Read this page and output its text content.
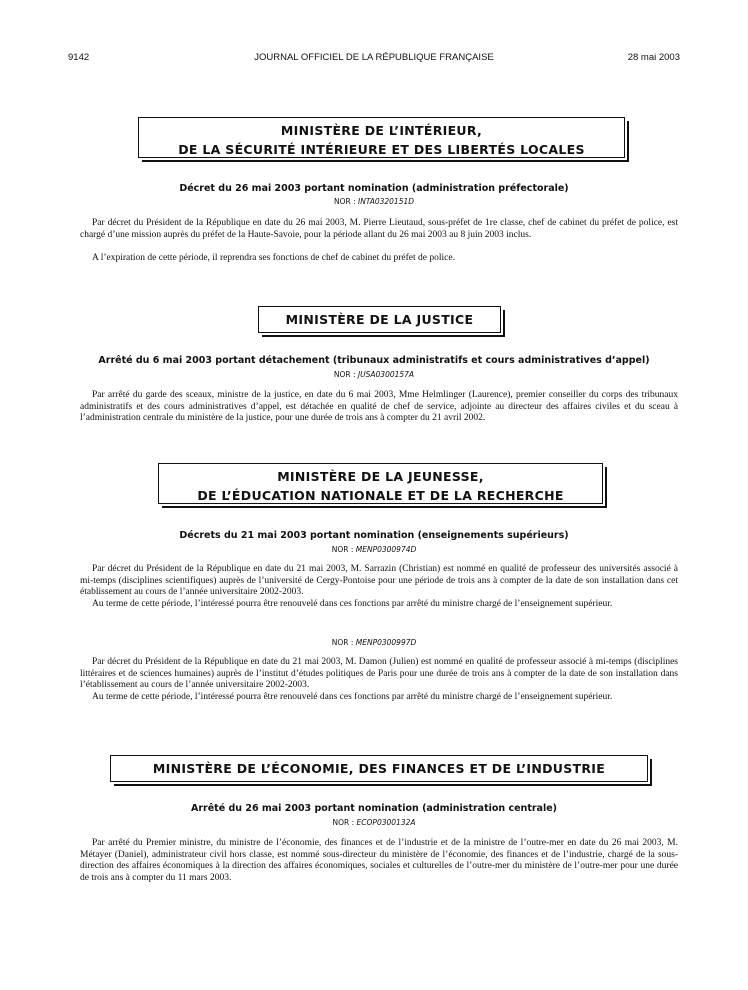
9142	JOURNAL OFFICIEL DE LA RÉPUBLIQUE FRANÇAISE	28 mai 2003
MINISTÈRE DE L’INTÉRIEUR,
DE LA SÉCURITÉ INTÉRIEURE ET DES LIBERTÉS LOCALES
Décret du 26 mai 2003 portant nomination (administration préfectorale)
NOR : INTA0320151D
Par décret du Président de la République en date du 26 mai 2003, M. Pierre Lieutaud, sous-préfet de 1re classe, chef de cabinet du préfet de police, est chargé d’une mission auprès du préfet de la Haute-Savoie, pour la période allant du 26 mai 2003 au 8 juin 2003 inclus.
A l’expiration de cette période, il reprendra ses fonctions de chef de cabinet du préfet de police.
MINISTÈRE DE LA JUSTICE
Arrêté du 6 mai 2003 portant détachement (tribunaux administratifs et cours administratives d’appel)
NOR : JUSA0300157A
Par arrêté du garde des sceaux, ministre de la justice, en date du 6 mai 2003, Mme Helmlinger (Laurence), premier conseiller du corps des tribunaux administratifs et des cours administratives d’appel, est détachée en qualité de chef de service, adjointe au directeur des affaires civiles et du sceau à l’administration centrale du ministère de la justice, pour une durée de trois ans à compter du 21 avril 2002.
MINISTÈRE DE LA JEUNESSE,
DE L’ÉDUCATION NATIONALE ET DE LA RECHERCHE
Décrets du 21 mai 2003 portant nomination (enseignements supérieurs)
NOR : MENP0300974D
Par décret du Président de la République en date du 21 mai 2003, M. Sarrazin (Christian) est nommé en qualité de professeur des universités associé à mi-temps (disciplines scientifiques) auprès de l’université de Cergy-Pontoise pour une période de trois ans à compter de la date de son installation dans cet établissement au cours de l’année universitaire 2002-2003.
Au terme de cette période, l’intéressé pourra être renouvelé dans ces fonctions par arrêté du ministre chargé de l’enseignement supérieur.
NOR : MENP0300997D
Par décret du Président de la République en date du 21 mai 2003, M. Damon (Julien) est nommé en qualité de professeur associé à mi-temps (disciplines littéraires et de sciences humaines) auprès de l’institut d’études politiques de Paris pour une durée de trois ans à compter de la date de son installation dans l’établissement au cours de l’année universitaire 2002-2003.
Au terme de cette période, l’intéressé pourra être renouvelé dans ces fonctions par arrêté du ministre chargé de l’enseignement supérieur.
MINISTÈRE DE L’ÉCONOMIE, DES FINANCES ET DE L’INDUSTRIE
Arrêté du 26 mai 2003 portant nomination (administration centrale)
NOR : ECOP0300132A
Par arrêté du Premier ministre, du ministre de l’économie, des finances et de l’industrie et de la ministre de l’outre-mer en date du 26 mai 2003, M. Métayer (Daniel), administrateur civil hors classe, est nommé sous-directeur du ministère de l’économie, des finances et de l’industrie, chargé de la sous-direction des affaires économiques à la direction des affaires économiques, sociales et culturelles de l’outre-mer du ministère de l’outre-mer pour une durée de trois ans à compter du 11 mars 2003.
